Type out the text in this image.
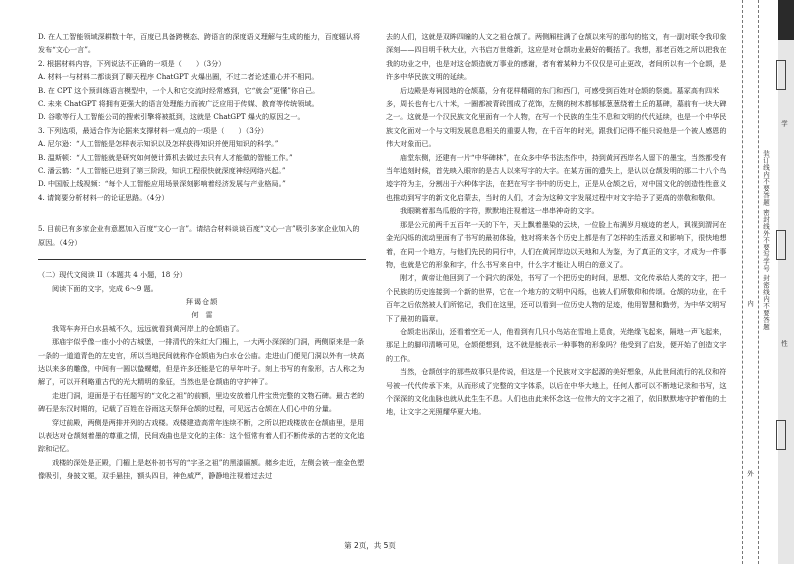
D. 在人工智能领域深耕数十年，百度已具备跨模态、跨语言的深度语义理解与生成的能力，百度辐认将发布“文心一言”。

2. 根据材料内容，下列说法不正确的一项是（　　）（3分）

A. 材料一与材料二都谈到了聊天程序 ChatGPT 火爆出圈，不过二者论述重心并不相同。

B. 在 CPT 这个预训练语言模型中，一个人和它交流时经常感到，它“就会”更懂”你自己。

C. 未来 ChatGPT 将拥有更强大的语言处理能力而被广泛应用于传媒、教育等传统领域。

D. 谷歌等行人工智能公司的搜索引擎将被抵到，这就是 ChatGPT 爆火的原因之一。

3. 下列选项，最适合作为论据来支撑材料一观点的一项是（　　）（3分）

A. 尼尔逊：“人工智能是怎样表示知识以及怎样获得知识并使用知识的科学。”

B. 温斯顿：“人工智能就是研究如何使计算机去做过去只有人才能做的智能工作。”

C. 潘云鹤：“人工智能已进到了第三阶段，知识工程很快就深度神经网络兴起。”

D. 中国版上线视频：“每个人工智能应用场景深刻影响着经济发展与产业格局。”

4. 请简要分析材料一的论证思路。（4分）

5. 目前已有多家企业有意愿加入百度“文心一言”。请结合材料谈谈百度“文心一言”吸引多家企业加入的原因。（4分）

（二）现代文阅读 II（本题共 4 小题，18 分）

阅读下面的文字，完成 6～9 题。

拜谒仓颉

何　雷

我驾车奔开白水县城不久，远远就看到黄河岸上的仓颉庙了。

那庙宇似乎像一座小小的古城堡，一排清代的朱红大门楣上，一大两小深深的门洞，两侧原来是一条一条的一道道青色的左史官，所以当地民间就称作仓颉庙为白水仓公庙。走进山门便见门洞以外有一块高达以来多的雕像，中间有一圆以蛰螺蜡，但是许多还能是它的早年叶子。刻上书写的有象形，古人称之为解了，可以开利略重古代的光大精明的象征，当然也是仓颉庙的守护神了。

走进门洞，迎面是于右任题写的“文化之祖”的前额，里边安放着几件宝贵完整的文物石碑。最古老的碑石是东汉时期的，记载了百姓在谷雨这天祭拜仓颉的过程，可见远古仓颉在人们心中的分量。

穿过前殿，两侧是两排并列的古戏楼。戏楼建造高常年连续不断，之所以把戏楼放在仓颉庙里，是用以表达对仓颉刻着墨的尊重之情，民间戏曲也是文化的主体：这个恒常有着人们不断传承的古老的文化追踪和记忆。

戏楼的深处是正殿，门楣上是赵朴初书写的“字圣之祖”的黑漆匾额。赭乡走近，左侧会被一座金色塑像吸引，身披文冕，双手悬挂，额头四目，神色威严，静静地注视着过去过

去的人们，这就是双眸四瞳的人文之祖仓颉了。两侧厢柱满了仓颉以来写的那句的铭文，有一副对联令我印象深刻——四目明千秋大业，六书启万世维新，这应是对仓颉功业最好的概括了。我想，那老百姓之所以把我在我的功业之中，也是对这仓颉造就万事业的感谢，者有着某种力不仅仅是可止更改，者间所以有一个仓颉，是许多中华民族文明的延续。

后边殿是寿祠园地的仓颉墓，分有花样精砌的东门和西门，可感受到百姓对仓颉的祭奠。墓冢高有四米多，周长也有七八十米，一圈都被青砖围成了花饰，左侧的树木都郁郁葱葱绕着土丘的墓碑，墓前有一块大碑之一。这就是一个汉民族文化里面有一个人物，在写一个民族的生生不息和文明的代代延续，也是一个中华民族文化面对一个与文明发展息息相关的重要人物，在千百年的时光，跟我们记得不能只说他是一个被人感恩的伟大对象而已。

庙堂东侧，还建有一片“中华碑林”，在众多中华书法杰作中，持到黄河西岸名人留下的墨宝，当然都受有当年追刻时候，首先映入眼帘的是古人以来写字的大字。在某方面的遗失上，是认以仓颉发明的那二十八个鸟迹字符为主，分割出于六种体字法，在把在写字书中的历史上，正是从仓颉之后，对中国文化的创造性性意义也推动到写字的新文化启蒙去，当时的人们，才会为这种文字发展过程中对文字给予了更高的崇敬和敬仰。

我眼眺着那鸟瓜般的字符，默默地注视着这一串串神奇的文字。

那是公元前两千五百年一天的下午，天上飘着墨染的云块，一位脸上布满岁月痕迹的老人，讽视到渭河在金光闪烁的流动里面有了书写的最初体验，他对将来各个历史上都是有了怎样的生活意义和影响下，很快地想着，在同一个地方，与他们先民的同行中，人们在黄河岸边以天地和人为鉴，为了真正的文字，才成为一件事物，也就是它的形象和字，什么书写来自中，什么字才能让人明白的意义了。

刚才，黄帝让他回到了一个洞穴的深处，书写了一个把历史的时间，思想、文化传承给人类的文字，把一个民族的历史连接到一个新的世界，它在一个地方的文明中闪烁，也被人们所敬仰和传颂。仓颉的功业，在千百年之后依然被人们所铭记，我们在这里，还可以看到一位历史人物的足迹，他用智慧和勤劳，为中华文明写下了最初的篇章。

仓颉走出深山，还看着空无一人，他看到有几只小鸟站在雪地上觅食，光绝缘飞起来，隔地一声飞起来，那足上的脚印清晰可见，仓颉便想到，这不就是能表示一种事物的形象吗？他受到了启发，便开始了创造文字的工作。

当然，仓颉创字的那些故事只是传说，但这是一个民族对文字起源的美好想象，从此世间流行的礼仪和符号被一代代传承下来，从而形成了完整的文字体系，以后在中华大地上，任何人都可以不断地记录和书写，这个深深的文化血脉也就从此生生不息。人们也由此来怀念这一位伟大的文字之祖了，依旧默默地守护着他的土地，让文字之光照耀华夏大地。

第 2页，共 5页
装订线内不要答题 密封线外不要写学号 封密线内不要答题
内
外
学
性
